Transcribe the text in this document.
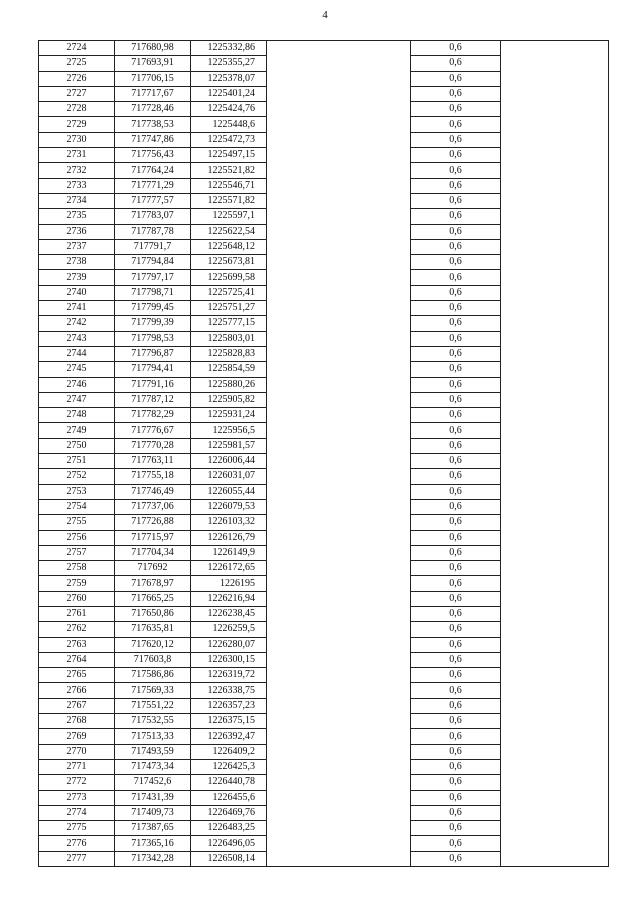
4
2724	717680,98	1225332,86		0,6	
2725	717693,91	1225355,27		0,6	
2726	717706,15	1225378,07		0,6	
2727	717717,67	1225401,24		0,6	
2728	717728,46	1225424,76		0,6	
2729	717738,53	1225448,6		0,6	
2730	717747,86	1225472,73		0,6	
2731	717756,43	1225497,15		0,6	
2732	717764,24	1225521,82		0,6	
2733	717771,29	1225546,71		0,6	
2734	717777,57	1225571,82		0,6	
2735	717783,07	1225597,1		0,6	
2736	717787,78	1225622,54		0,6	
2737	717791,7	1225648,12		0,6	
2738	717794,84	1225673,81		0,6	
2739	717797,17	1225699,58		0,6	
2740	717798,71	1225725,41		0,6	
2741	717799,45	1225751,27		0,6	
2742	717799,39	1225777,15		0,6	
2743	717798,53	1225803,01		0,6	
2744	717796,87	1225828,83		0,6	
2745	717794,41	1225854,59		0,6	
2746	717791,16	1225880,26		0,6	
2747	717787,12	1225905,82		0,6	
2748	717782,29	1225931,24		0,6	
2749	717776,67	1225956,5		0,6	
2750	717770,28	1225981,57		0,6	
2751	717763,11	1226006,44		0,6	
2752	717755,18	1226031,07		0,6	
2753	717746,49	1226055,44		0,6	
2754	717737,06	1226079,53		0,6	
2755	717726,88	1226103,32		0,6	
2756	717715,97	1226126,79		0,6	
2757	717704,34	1226149,9		0,6	
2758	717692	1226172,65		0,6	
2759	717678,97	1226195		0,6	
2760	717665,25	1226216,94		0,6	
2761	717650,86	1226238,45		0,6	
2762	717635,81	1226259,5		0,6	
2763	717620,12	1226280,07		0,6	
2764	717603,8	1226300,15		0,6	
2765	717586,86	1226319,72		0,6	
2766	717569,33	1226338,75		0,6	
2767	717551,22	1226357,23		0,6	
2768	717532,55	1226375,15		0,6	
2769	717513,33	1226392,47		0,6	
2770	717493,59	1226409,2		0,6	
2771	717473,34	1226425,3		0,6	
2772	717452,6	1226440,78		0,6	
2773	717431,39	1226455,6		0,6	
2774	717409,73	1226469,76		0,6	
2775	717387,65	1226483,25		0,6	
2776	717365,16	1226496,05		0,6	
2777	717342,28	1226508,14		0,6	
